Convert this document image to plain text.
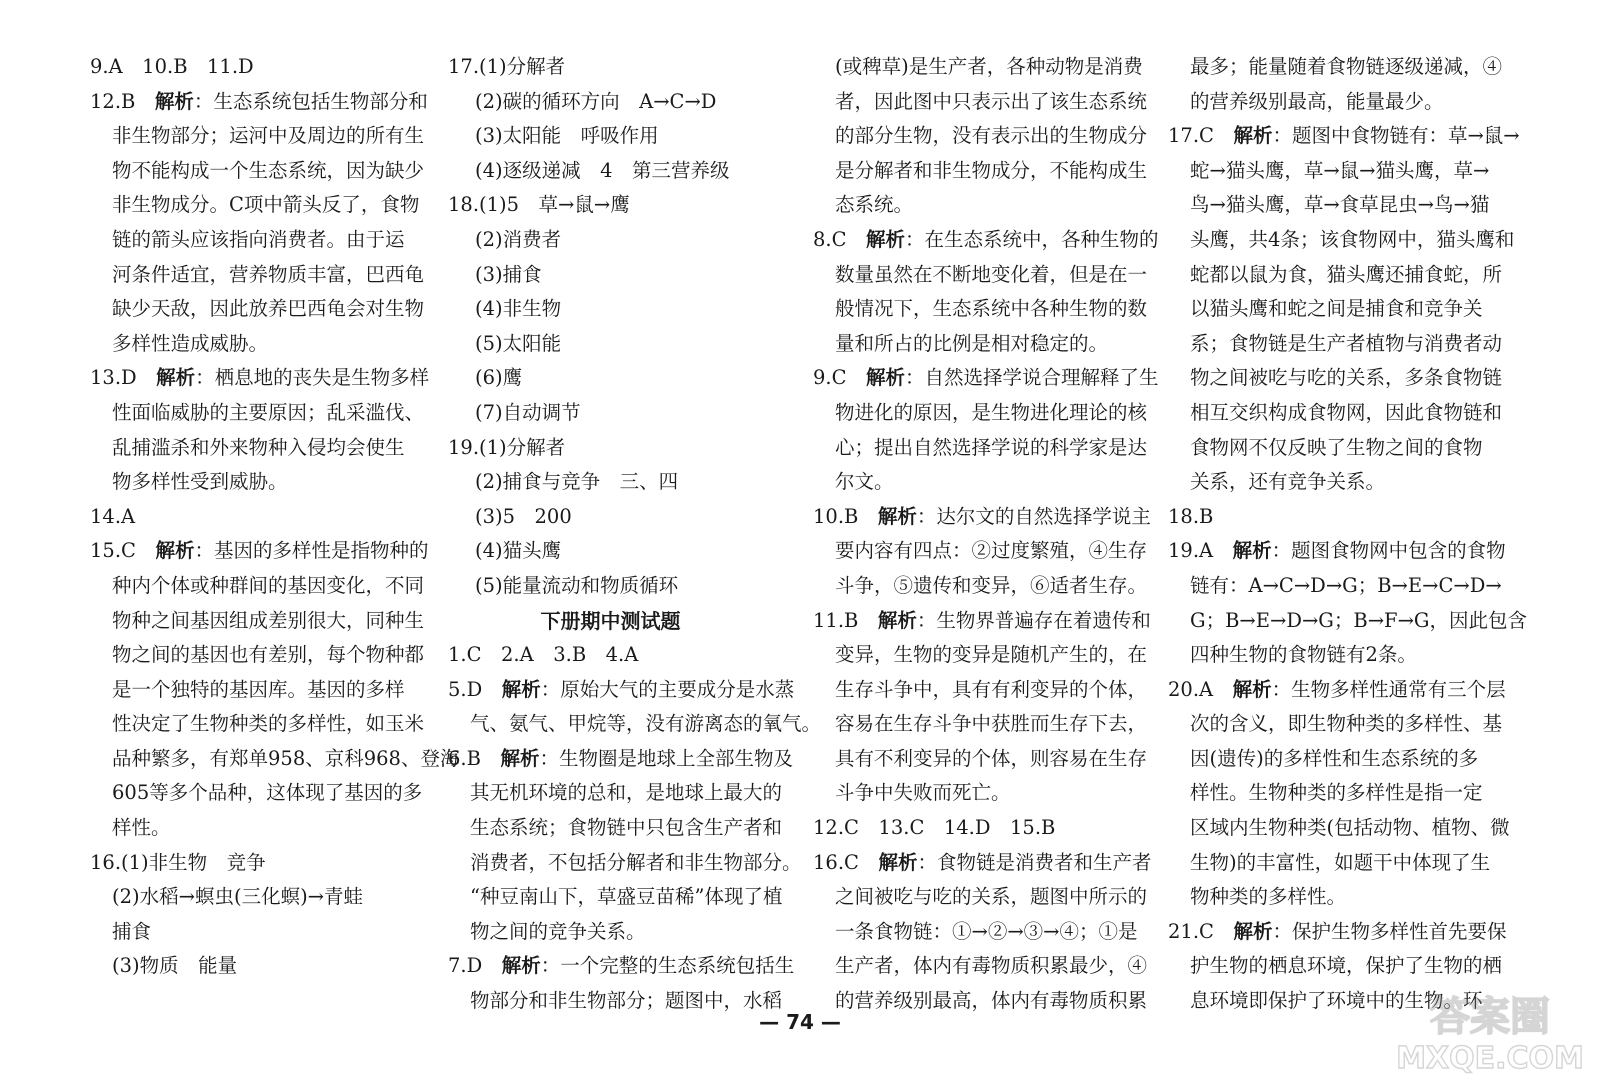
9.A　10.B　11.D
12.B　解析：生态系统包括生物部分和
非生物部分；运河中及周边的所有生
物不能构成一个生态系统，因为缺少
非生物成分。C项中箭头反了，食物
链的箭头应该指向消费者。由于运
河条件适宜，营养物质丰富，巴西龟
缺少天敌，因此放养巴西龟会对生物
多样性造成威胁。
13.D　解析：栖息地的丧失是生物多样
性面临威胁的主要原因；乱采滥伐、
乱捕滥杀和外来物种入侵均会使生
物多样性受到威胁。
14.A
15.C　解析：基因的多样性是指物种的
种内个体或种群间的基因变化，不同
物种之间基因组成差别很大，同种生
物之间的基因也有差别，每个物种都
是一个独特的基因库。基因的多样
性决定了生物种类的多样性，如玉米
品种繁多，有郑单958、京科968、登海
605等多个品种，这体现了基因的多
样性。
16.(1)非生物　竞争
(2)水稻→螟虫(三化螟)→青蛙
捕食
(3)物质　能量
17.(1)分解者
(2)碳的循环方向　A→C→D
(3)太阳能　呼吸作用
(4)逐级递减　4　第三营养级
18.(1)5　草→鼠→鹰
(2)消费者
(3)捕食
(4)非生物
(5)太阳能
(6)鹰
(7)自动调节
19.(1)分解者
(2)捕食与竞争　三、四
(3)5　200
(4)猫头鹰
(5)能量流动和物质循环
下册期中测试题
1.C　2.A　3.B　4.A
5.D　解析：原始大气的主要成分是水蒸
气、氨气、甲烷等，没有游离态的氧气。
6.B　解析：生物圈是地球上全部生物及
其无机环境的总和，是地球上最大的
生态系统；食物链中只包含生产者和
消费者，不包括分解者和非生物部分。
“种豆南山下，草盛豆苗稀”体现了植
物之间的竞争关系。
7.D　解析：一个完整的生态系统包括生
物部分和非生物部分；题图中，水稻
(或稗草)是生产者，各种动物是消费
者，因此图中只表示出了该生态系统
的部分生物，没有表示出的生物成分
是分解者和非生物成分，不能构成生
态系统。
8.C　解析：在生态系统中，各种生物的
数量虽然在不断地变化着，但是在一
般情况下，生态系统中各种生物的数
量和所占的比例是相对稳定的。
9.C　解析：自然选择学说合理解释了生
物进化的原因，是生物进化理论的核
心；提出自然选择学说的科学家是达
尔文。
10.B　解析：达尔文的自然选择学说主
要内容有四点：②过度繁殖，④生存
斗争，⑤遗传和变异，⑥适者生存。
11.B　解析：生物界普遍存在着遗传和
变异，生物的变异是随机产生的，在
生存斗争中，具有有利变异的个体，
容易在生存斗争中获胜而生存下去，
具有不利变异的个体，则容易在生存
斗争中失败而死亡。
12.C　13.C　14.D　15.B
16.C　解析：食物链是消费者和生产者
之间被吃与吃的关系，题图中所示的
一条食物链：①→②→③→④；①是
生产者，体内有毒物质积累最少，④
的营养级别最高，体内有毒物质积累
最多；能量随着食物链逐级递减，④
的营养级别最高，能量最少。
17.C　解析：题图中食物链有：草→鼠→
蛇→猫头鹰，草→鼠→猫头鹰，草→
鸟→猫头鹰，草→食草昆虫→鸟→猫
头鹰，共4条；该食物网中，猫头鹰和
蛇都以鼠为食，猫头鹰还捕食蛇，所
以猫头鹰和蛇之间是捕食和竞争关
系；食物链是生产者植物与消费者动
物之间被吃与吃的关系，多条食物链
相互交织构成食物网，因此食物链和
食物网不仅反映了生物之间的食物
关系，还有竞争关系。
18.B
19.A　解析：题图食物网中包含的食物
链有：A→C→D→G；B→E→C→D→
G；B→E→D→G；B→F→G，因此包含
四种生物的食物链有2条。
20.A　解析：生物多样性通常有三个层
次的含义，即生物种类的多样性、基
因(遗传)的多样性和生态系统的多
样性。生物种类的多样性是指一定
区域内生物种类(包括动物、植物、微
生物)的丰富性，如题干中体现了生
物种类的多样性。
21.C　解析：保护生物多样性首先要保
护生物的栖息环境，保护了生物的栖
息环境即保护了环境中的生物。环
— 74 —	答案圈
MXQE.COM
